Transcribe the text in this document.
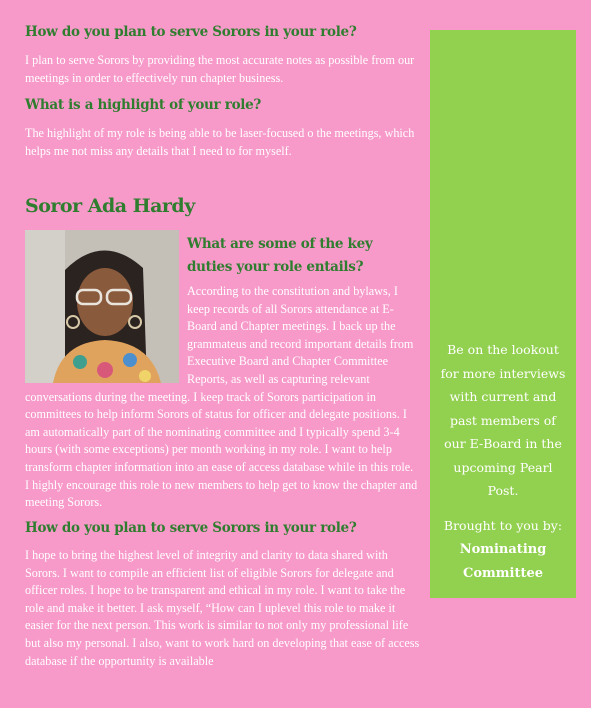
How do you plan to serve Sorors in your role?

I plan to serve Sorors by providing the most accurate notes as possible from our meetings in order to effectively run chapter business.

What is a highlight of your role?

The highlight of my role is being able to be laser-focused o the meetings, which helps me not miss any details that I need to for myself.

Soror Ada Hardy
What are some of the key duties your role entails?

According to the constitution and bylaws, I keep records of all Sorors attendance at E-Board and Chapter meetings. I back up the grammateus and record important details from Executive Board and Chapter Committee Reports, as well as capturing relevant conversations during the meeting. I keep track of Sorors participation in committees to help inform Sorors of status for officer and delegate positions. I am automatically part of the nominating committee and I typically spend 3-4 hours (with some exceptions) per month working in my role. I want to help transform chapter information into an ease of access database while in this role. I highly encourage this role to new members to help get to know the chapter and meeting Sorors.

How do you plan to serve Sorors in your role?

I hope to bring the highest level of integrity and clarity to data shared with Sorors. I want to compile an efficient list of eligible Sorors for delegate and officer roles. I hope to be transparent and ethical in my role. I want to take the role and make it better. I ask myself, “How can I uplevel this role to make it easier for the next person. This work is similar to not only my professional life but also my personal. I also, want to work hard on developing that ease of access database if the opportunity is available

Be on the lookout for more interviews with current and past members of our E-Board in the upcoming Pearl Post.
Brought to you by:
Nominating Committee
